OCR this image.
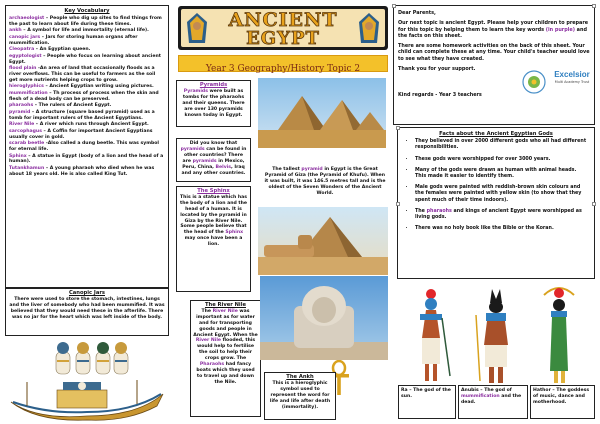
Key Vocabulary

archaeologist – People who dig up sites to find things from the past to learn about life during these times.

ankh – A symbol for life and immortality (eternal life).

canopic jars – Jars for storing human organs after mummification.

Cleopatra – An Egyptian queen.

egyptologist – People who focus on learning about ancient Egypt.

flood plain -An area of land that occasionally floods as a river overflows. This can be useful to farmers as the soil get more nutrients helping crops to grow.

hieroglyphics – Ancient Egyptian writing using pictures.

mummification – Th process of process when the skin and flesh of a dead body can be preserved.

pharaohs – The rulers of Ancient Egypt.

pyramid – A structure (square based pyramid) used as a tomb for important rulers of the Ancient Egyptians.

River Nile – A river which runs through Ancient Egypt.

sarcophagus – A Coffin for important Ancient Egyptians usually cover in gold.

scarab beetle -Also called a dung beetle. This was symbol for eternal life.

Sphinx – A statue in Egypt (body of a lion and the head of a human).

Tutankhamun – A young pharaoh who died when he was about 18 years old. He is also called King Tut.

Canopic Jars

There were used to store the stomach, intestines, lungs and the liver of somebody who had been mummified. It was believed that they would need these in the afterlife. There was no jar for the heart which was left inside of the body.

ANCIENT
EGYPT
Year 3 Geography/History Topic 2
Pyramids

Pyramids were built as tombs for the pharaohs and their queens. There are over 130 pyramids known today in Egypt.

Did you know that pyramids can be found in other countries? There are pyramids in Mexico, Peru, China, Belvis, Iraq and any other countries.

The Sphinx

This is a statue which has the body of a lion and the head of a human. It is located by the pyramid in Giza by the River Nile. Some people believe that the head of the Sphinx may once have been a lion.

The River Nile

The River Nile was important as for water and for transporting goods and people in Ancient Egypt. When the River Nile flooded, this would help to fertilise the soil to help their crops grow. The Pharaohs had fancy boats which they used to travel up and down the Nile.

The tallest pyramid in Egypt is the Great Pyramid of Giza (the Pyramid of Khufu). When it was built, it was 146.5 metres tall and is the oldest of the Seven Wonders of the Ancient World.

The Ankh

This is a hieroglyphic symbol used to represent the word for life and life after death (immortality).

Dear Parents,

Our next topic is ancient Egypt. Please help your children to prepare for this topic by helping them to learn the key words (in purple) and the facts on this sheet.

There are some homework activities on the back of this sheet. Your child can complete these at any time. Your child's teacher would love to see what they have created.

Thank you for your support.

Kind regards - Year 3 teachers

Excelsior
Multi Academy Trust
Facts about the Ancient Egyptian Gods
• They believed in over 2000 different gods who all had different responsibilities.
• These gods were worshipped for over 3000 years.
• Many of the gods were drawn as human with animal heads. This made it easier to identify them.
• Male gods were painted with reddish-brown skin colours and the females were painted with yellow skin (to show that they spent much of their time indoors).
• The pharaohs and kings of ancient Egypt were worshipped as living gods.
• There was no holy book like the Bible or the Koran.

Ra – The god of the sun.

Anubis – The god of mummification and the dead.

Hathor – The goddess of music, dance and motherhood.
